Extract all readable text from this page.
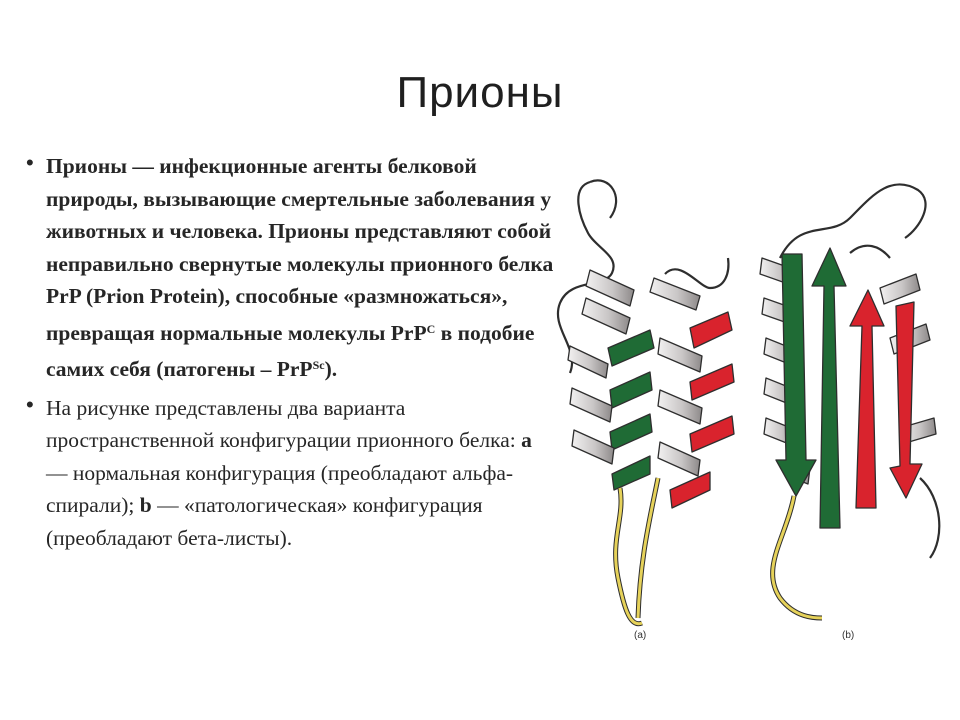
Прионы

• Прионы — инфекционные агенты белковой природы, вызывающие смертельные заболевания у животных и человека. Прионы представляют собой неправильно свернутые молекулы прионного белка PrP (Prion Protein), способные «размножаться», превращая нормальные молекулы PrP$^C$ в подобие самих себя (патогены – PrP$^{Sc}$).

• На рисунке представлены два варианта пространственной конфигурации прионного белка: a — нормальная конфигурация (преобладают альфа-спирали); b — «патологическая» конфигурация (преобладают бета-листы).

(a)	(b)
